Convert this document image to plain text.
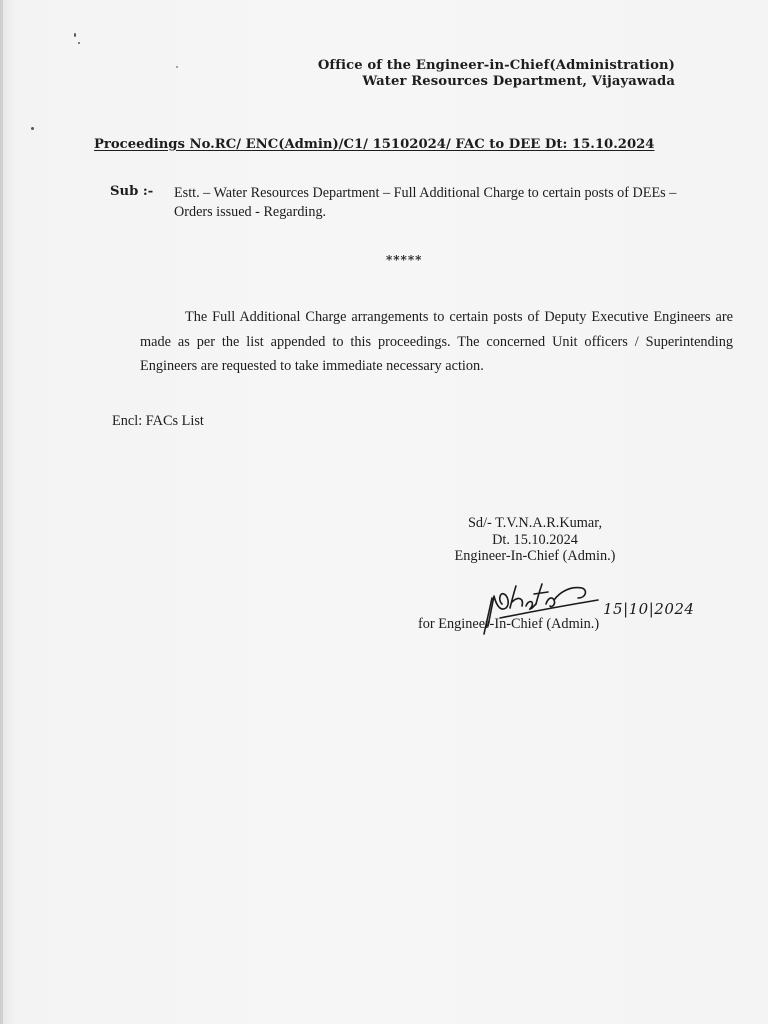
Office of the Engineer-in-Chief(Administration)
Water Resources Department, Vijayawada
Proceedings No.RC/ ENC(Admin)/C1/ 15102024/ FAC to DEE Dt: 15.10.2024
Sub :- Estt. – Water Resources Department – Full Additional Charge to certain posts of DEEs – Orders issued - Regarding.
*****
The Full Additional Charge arrangements to certain posts of Deputy Executive Engineers are made as per the list appended to this proceedings. The concerned Unit officers / Superintending Engineers are requested to take immediate necessary action.
Encl: FACs List
Sd/- T.V.N.A.R.Kumar,
Dt. 15.10.2024
Engineer-In-Chief (Admin.)
for Engineer-In-Chief (Admin.)
15|10|2024
